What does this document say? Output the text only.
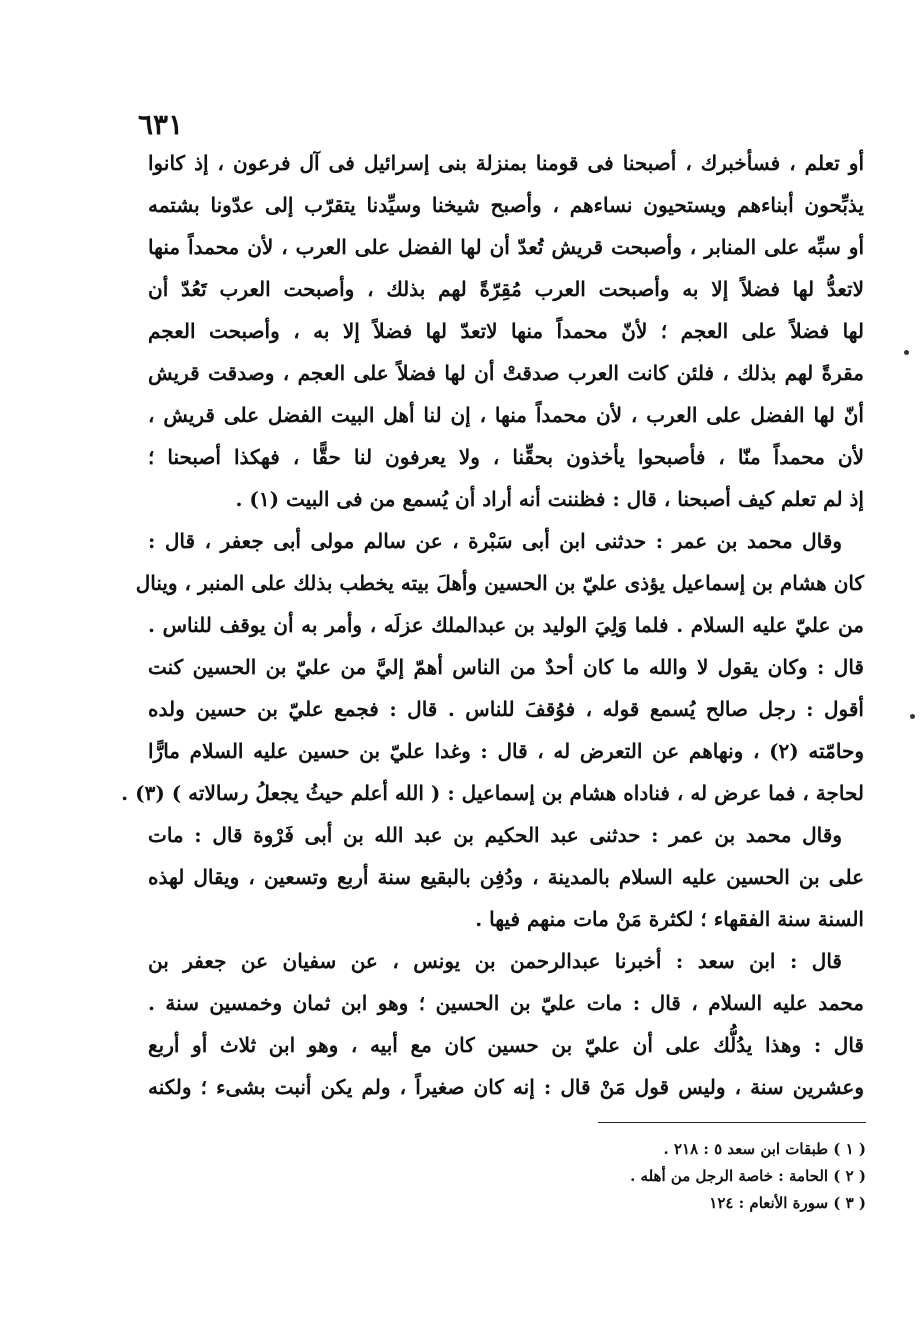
٦٣١
أو تعلم ، فسأخبرك ، أصبحنا فى قومنا بمنزلة بنى إسرائيل فى آل فرعون ، إذ كانوا
يذبِّحون أبناءهم ويستحيون نساءهم ، وأصبح شيخنا وسيِّدنا يتقرّب إلى عدّونا بشتمه
أو سبِّه على المنابر ، وأصبحت قريش تُعدّ أن لها الفضل على العرب ، لأن محمداً منها
لاتعدُّ لها فضلاً إلا به وأصبحت العرب مُقِرّةً لهم بذلك ، وأصبحت العرب تَعُدّ أن
لها فضلاً على العجم ؛ لأنّ محمداً منها لاتعدّ لها فضلاً إلا به ، وأصبحت العجم
مقرةً لهم بذلك ، فلئن كانت العرب صدقتْ أن لها فضلاً على العجم ، وصدقت قريش
أنّ لها الفضل على العرب ، لأن محمداً منها ، إن لنا أهل البيت الفضل على قريش ،
لأن محمداً منّا ، فأصبحوا يأخذون بحقِّنا ، ولا يعرفون لنا حقًّا ، فهكذا أصبحنا ؛
إذ لم تعلم كيف أصبحنا ، قال : فظننت أنه أراد أن يُسمع من فى البيت (١) .
وقال محمد بن عمر : حدثنى ابن أبى سَبْرة ، عن سالم مولى أبى جعفر ، قال :
كان هشام بن إسماعيل يؤذى عليّ بن الحسين وأهلَ بيته يخطب بذلك على المنبر ، وينال
من عليّ عليه السلام . فلما وَلِيَ الوليد بن عبدالملك عزلَه ، وأمر به أن يوقف للناس .
قال : وكان يقول لا والله ما كان أحدٌ من الناس أهمّ إليَّ من عليّ بن الحسين كنت
أقول : رجل صالح يُسمع قوله ، فوُقفَ للناس . قال : فجمع عليّ بن حسين ولده
وحامّته (٢) ، ونهاهم عن التعرض له ، قال : وغدا عليّ بن حسين عليه السلام مارًّا
لحاجة ، فما عرض له ، فناداه هشام بن إسماعيل : ( الله أعلم حيثُ يجعلُ رسالاته ) (٣) .
وقال محمد بن عمر : حدثنى عبد الحكيم بن عبد الله بن أبى فَرْوة قال : مات
على بن الحسين عليه السلام بالمدينة ، ودُفِن بالبقيع سنة أربع وتسعين ، ويقال لهذه
السنة سنة الفقهاء ؛ لكثرة مَنْ مات منهم فيها .
قال : ابن سعد : أخبرنا عبدالرحمن بن يونس ، عن سفيان عن جعفر بن
محمد عليه السلام ، قال : مات عليّ بن الحسين ؛ وهو ابن ثمان وخمسين سنة .
قال : وهذا يدُلُّك على أن عليّ بن حسين كان مع أبيه ، وهو ابن ثلاث أو أربع
وعشرين سنة ، وليس قول مَنْ قال : إنه كان صغيراً ، ولم يكن أنبت بشىء ؛ ولكنه
( ١ ) طبقات ابن سعد ٥ : ٢١٨ .
( ٢ ) الحامة : خاصة الرجل من أهله .
( ٣ ) سورة الأنعام : ١٢٤
